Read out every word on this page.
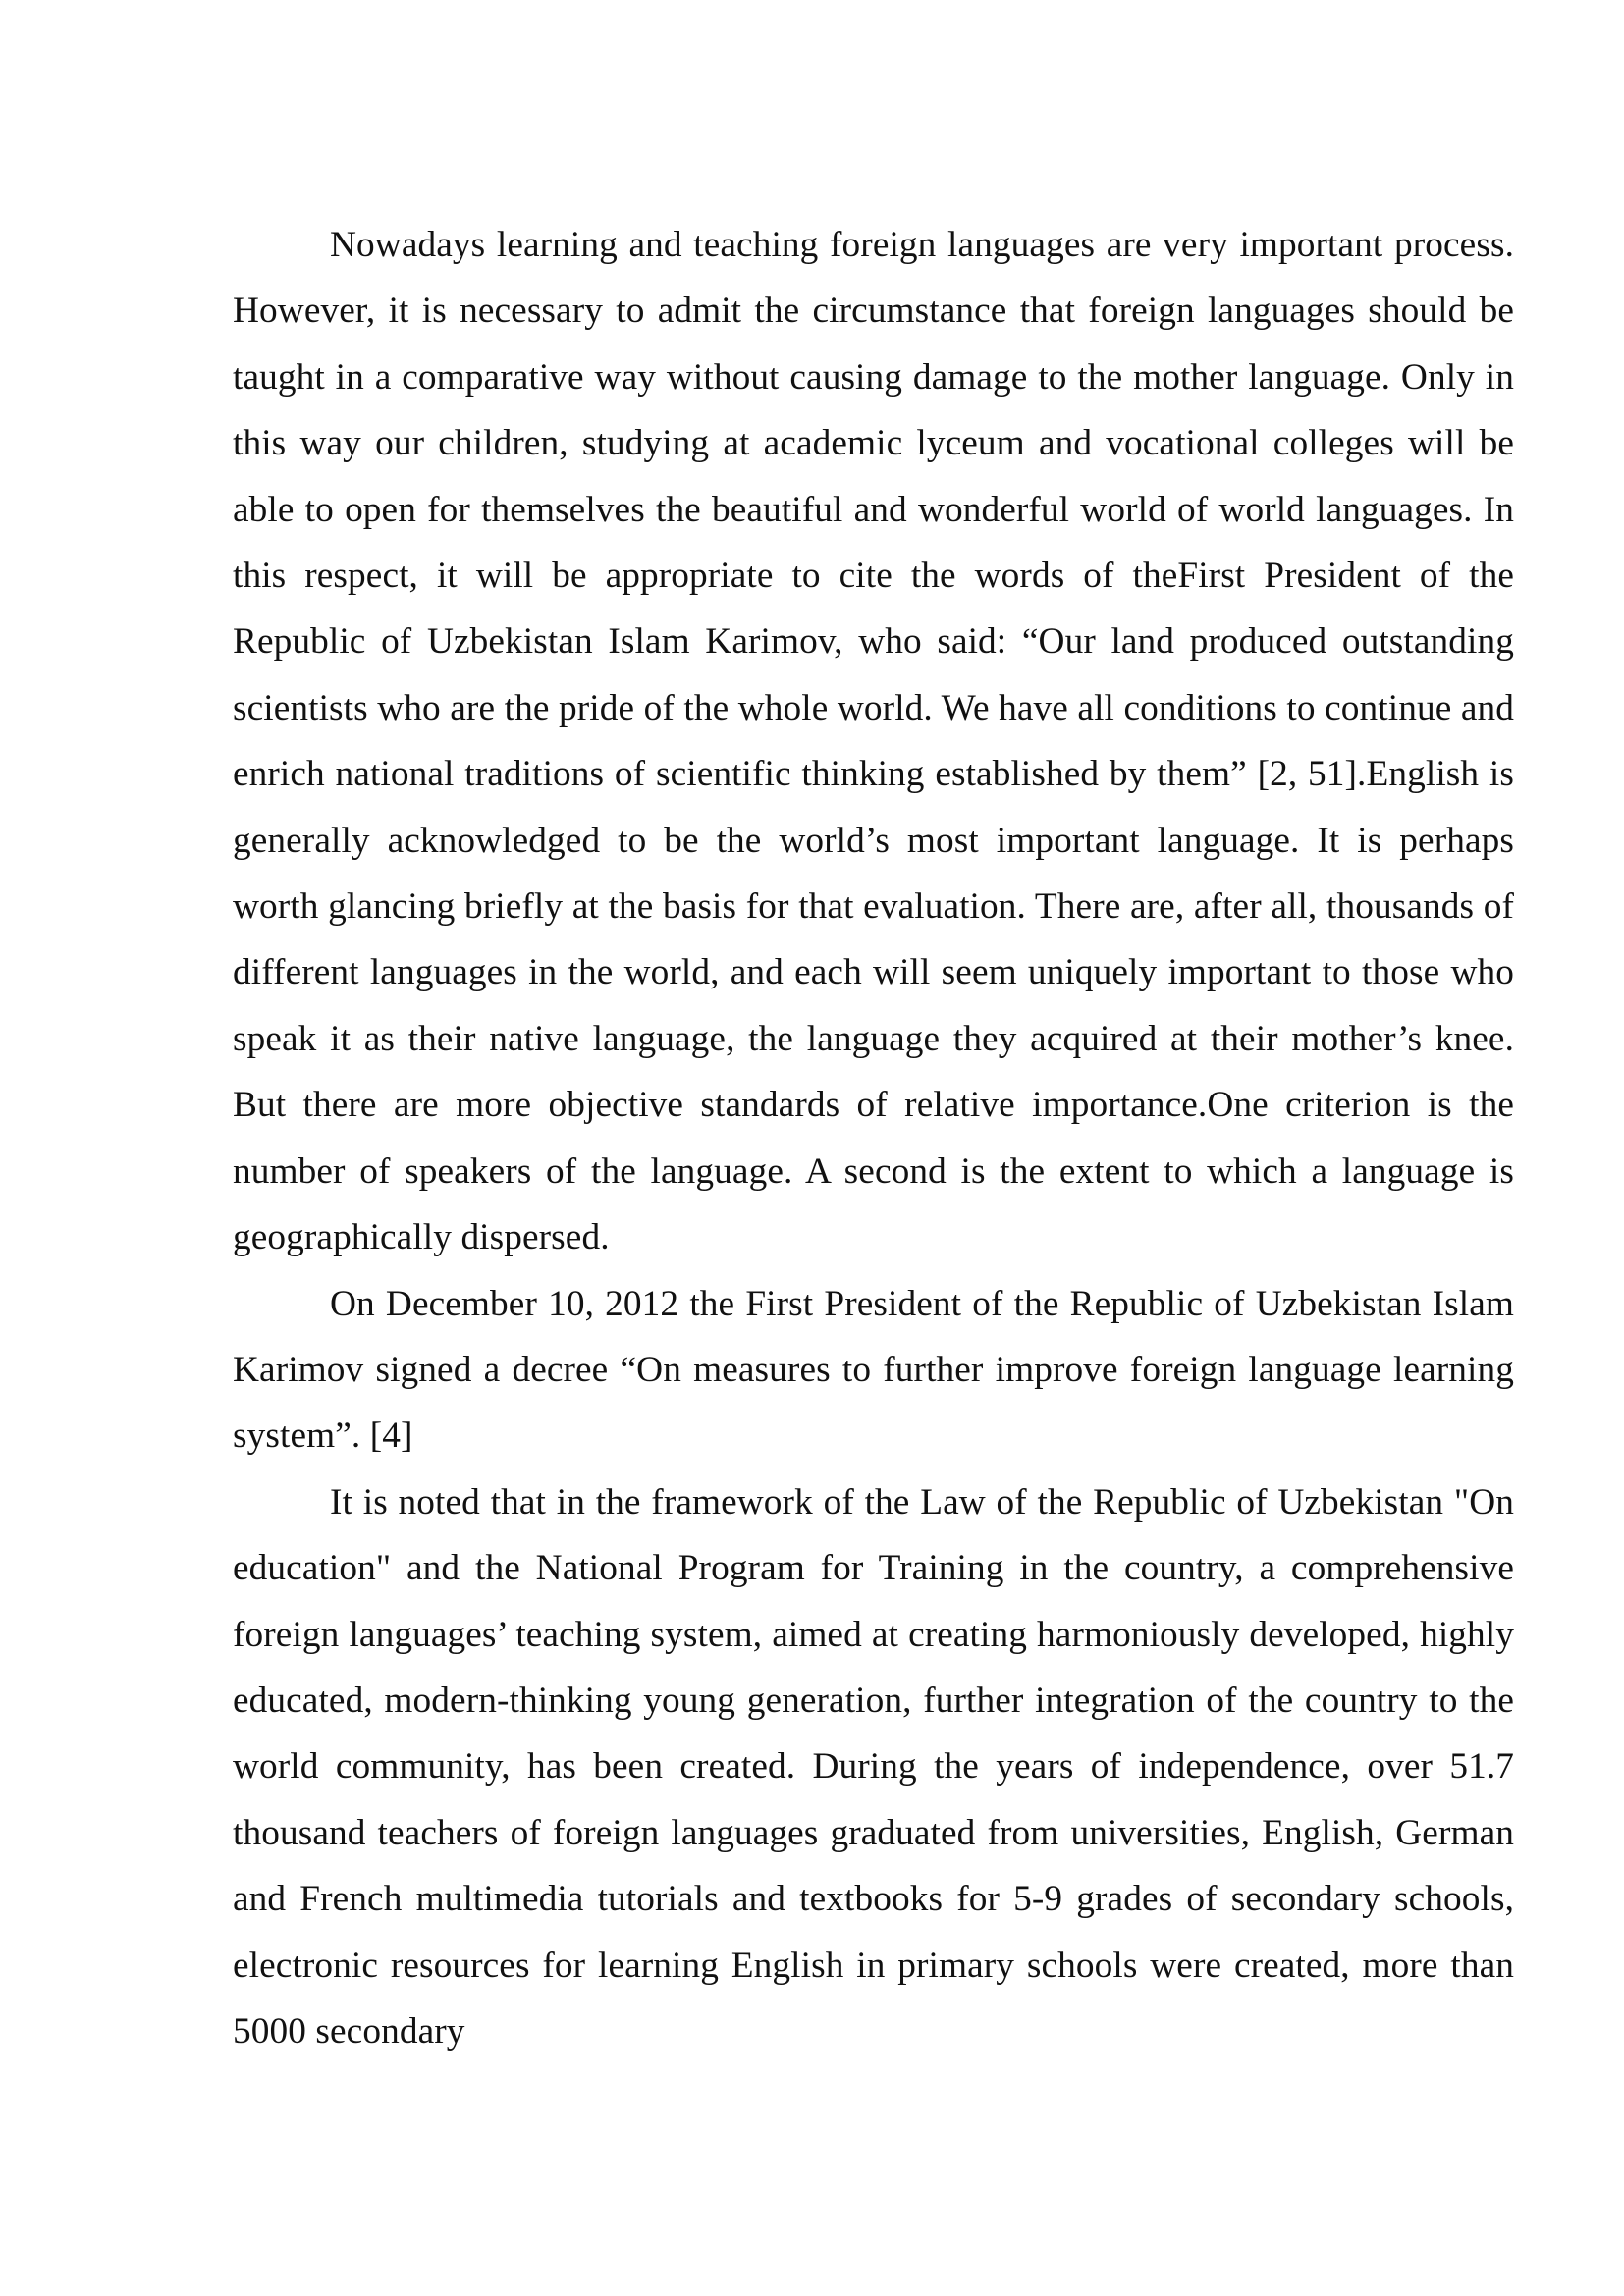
Nowadays learning and teaching foreign languages are very important process. However, it is necessary to admit the circumstance that foreign languages should be taught in a comparative way without causing damage to the mother language. Only in this way our children, studying at academic lyceum and vocational colleges will be able to open for themselves the beautiful and wonderful world of world languages. In this respect, it will be appropriate to cite the words of theFirst President of the Republic of Uzbekistan Islam Karimov, who said: “Our land produced outstanding scientists who are the pride of the whole world. We have all conditions to continue and enrich national traditions of scientific thinking established by them” [2, 51].English is generally acknowledged to be the world’s most important language. It is perhaps worth glancing briefly at the basis for that evaluation. There are, after all, thousands of different languages in the world, and each will seem uniquely important to those who speak it as their native language, the language they acquired at their mother’s knee. But there are more objective standards of relative importance.One criterion is the number of speakers of the language. A second is the extent to which a language is geographically dispersed.

On December 10, 2012 the First President of the Republic of Uzbekistan Islam Karimov signed a decree “On measures to further improve foreign language learning system”. [4]

It is noted that in the framework of the Law of the Republic of Uzbekistan "On education" and the National Program for Training in the country, a comprehensive foreign languages’ teaching system, aimed at creating harmoniously developed, highly educated, modern-thinking young generation, further integration of the country to the world community, has been created. During the years of independence, over 51.7 thousand teachers of foreign languages graduated from universities, English, German and French multimedia tutorials and textbooks for 5-9 grades of secondary schools, electronic resources for learning English in primary schools were created, more than 5000 secondary
